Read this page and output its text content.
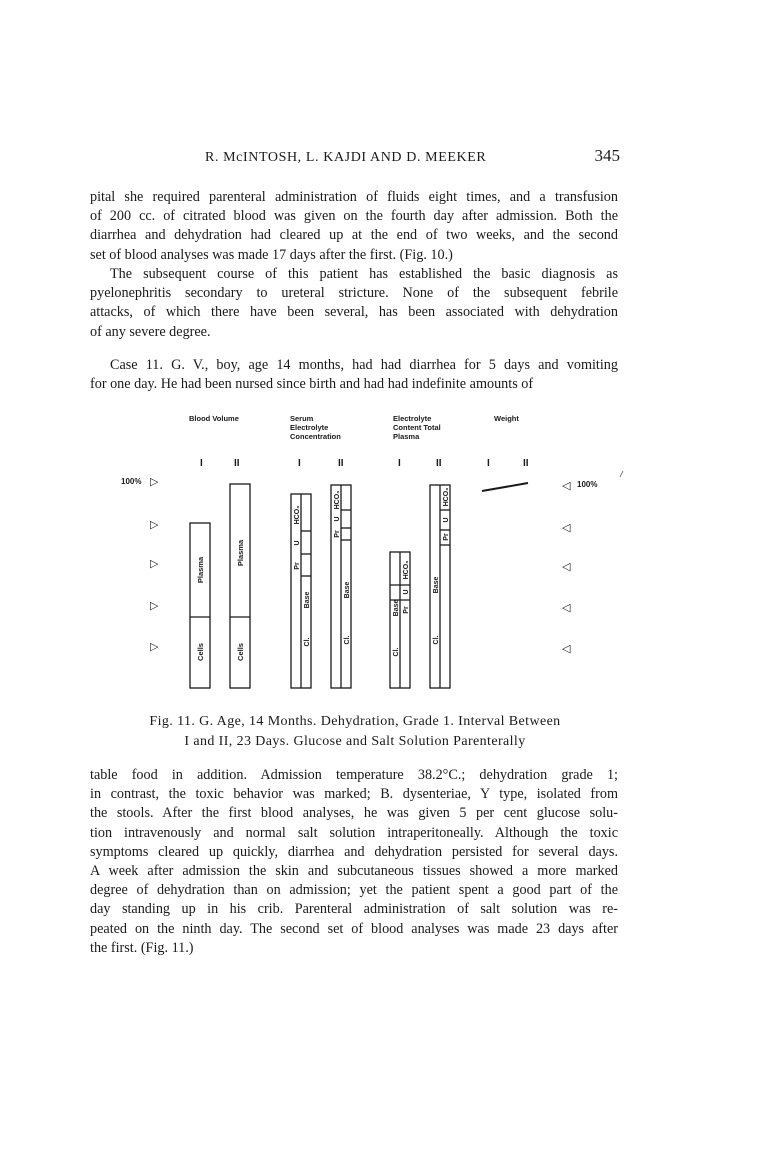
R. McINTOSH, L. KAJDI AND D. MEEKER	345
pital she required parenteral administration of fluids eight times, and a transfusion
of 200 cc. of citrated blood was given on the fourth day after admission. Both the
diarrhea and dehydration had cleared up at the end of two weeks, and the second
set of blood analyses was made 17 days after the first. (Fig. 10.)
The subsequent course of this patient has established the basic diagnosis as
pyelonephritis secondary to ureteral stricture. None of the subsequent febrile
attacks, of which there have been several, has been associated with dehydration
of any severe degree.
Case 11. G. V., boy, age 14 months, had had diarrhea for 5 days and vomiting
for one day. He had been nursed since birth and had had indefinite amounts of
Blood Volume	Serum
Electrolyte
Concentration
Electrolyte
Content Total
Plasma
Weight
I	II	I	II	I	II	I	II
100%	100%
▷
▷
▷
▷
▷
◁
◁
◁
◁
◁
Plasma
Cells
Plasma
Cells
HCO₃
U
Pr
Base
Cl.
HCO₃
U
Pr
Base
Cl.
HCO₃
U
Pr
Base
Cl.
HCO₃
U
Pr
Base
Cl.
Fig. 11. G. Age, 14 Months. Dehydration, Grade 1. Interval Between
I and II, 23 Days. Glucose and Salt Solution Parenterally
table food in addition. Admission temperature 38.2°C.; dehydration grade 1;
in contrast, the toxic behavior was marked; B. dysenteriae, Y type, isolated from
the stools. After the first blood analyses, he was given 5 per cent glucose solu-
tion intravenously and normal salt solution intraperitoneally. Although the toxic
symptoms cleared up quickly, diarrhea and dehydration persisted for several days.
A week after admission the skin and subcutaneous tissues showed a more marked
degree of dehydration than on admission; yet the patient spent a good part of the
day standing up in his crib. Parenteral administration of salt solution was re-
peated on the ninth day. The second set of blood analyses was made 23 days after
the first. (Fig. 11.)
